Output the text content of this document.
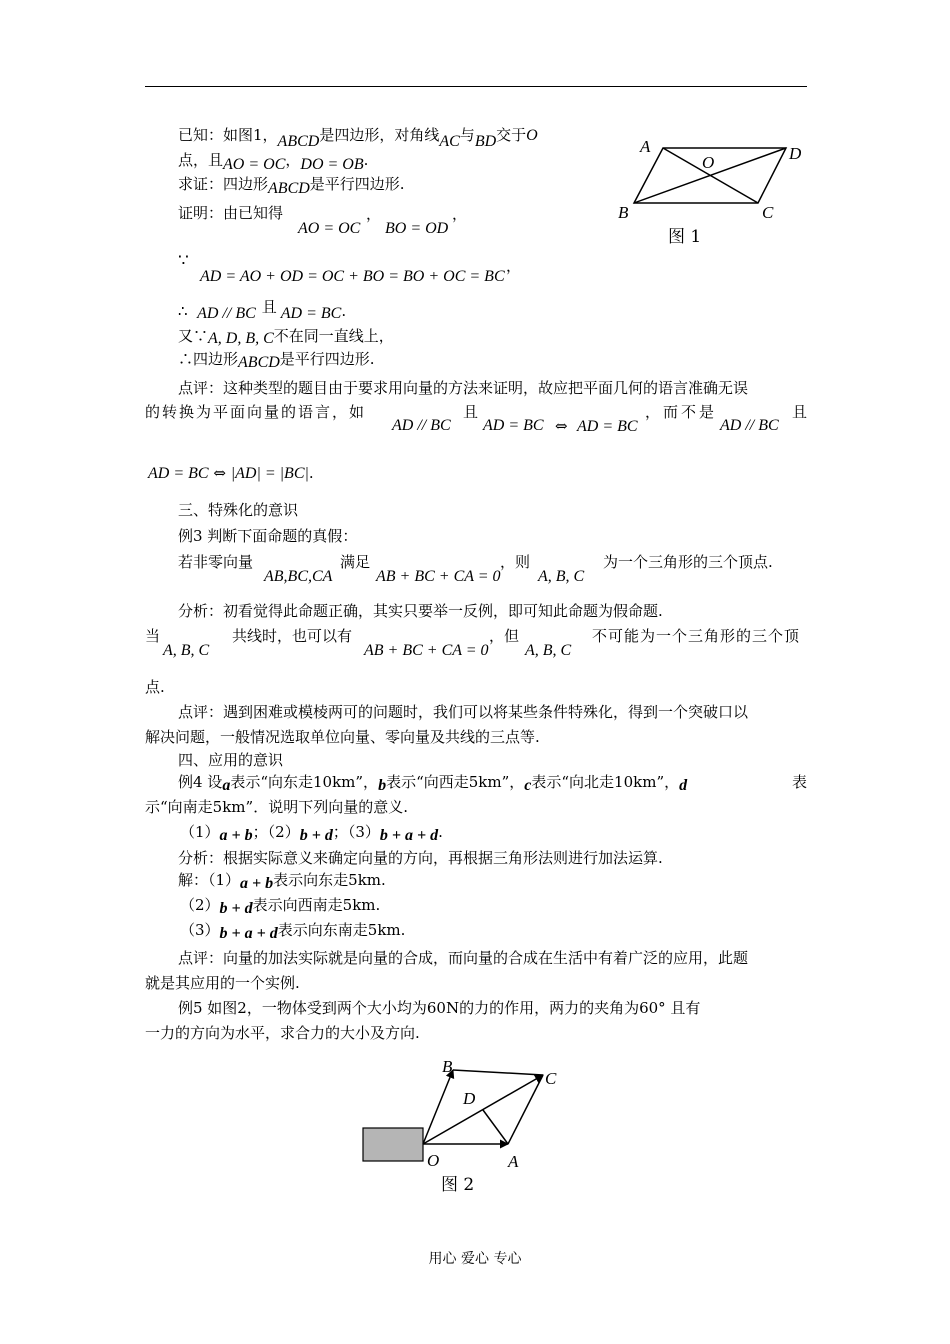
已知：如图1，ABCD是四边形，对角线AC与BD交于O
点，且AO = OC，DO = OB.
求证：四边形ABCD是平行四边形.
证明：由已知得
AO = OC
，
BO = OD
，
∵
AD = AO + OD = OC + BO = BO + OC = BC
，
∴ AD // BC 且 AD = BC.
又∵A, D, B, C不在同一直线上，
∴四边形ABCD是平行四边形.
点评：这种类型的题目由于要求用向量的方法来证明，故应把平面几何的语言准确无误
的转换为平面向量的语言，如
AD // BC
且
AD = BC ⇔ AD = BC
，而不是
AD // BC
且
AD = BC ⇔ |AD| = |BC|.
三、特殊化的意识
例3 判断下面命题的真假：
若非零向量
AB,BC,CA
满足
AB + BC + CA = 0
，则
A, B, C
为一个三角形的三个顶点.
分析：初看觉得此命题正确，其实只要举一反例，即可知此命题为假命题.
当
A, B, C
共线时，也可以有
AB + BC + CA = 0
，但
A, B, C
不可能为一个三角形的三个顶
点.
点评：遇到困难或模棱两可的问题时，我们可以将某些条件特殊化，得到一个突破口以
解决问题，一般情况选取单位向量、零向量及共线的三点等.
四、应用的意识
例4 设a表示“向东走10km”，b表示“向西走5km”，c表示“向北走10km”，d	表
示“向南走5km”．说明下列向量的意义.
（1）a + b；（2）b + d；（3）b + a + d.
分析：根据实际意义来确定向量的方向，再根据三角形法则进行加法运算.
解：（1）a + b表示向东走5km.
（2）b + d表示向西南走5km.
（3）b + a + d表示向东南走5km.
点评：向量的加法实际就是向量的合成，而向量的合成在生活中有着广泛的应用，此题
就是其应用的一个实例.
例5 如图2，一物体受到两个大小均为60N的力的作用，两力的夹角为60° 且有
一力的方向为水平，求合力的大小及方向.
A
O	D
B	C
图 1
B
C
D
O	A
图 2
用心 爱心 专心
